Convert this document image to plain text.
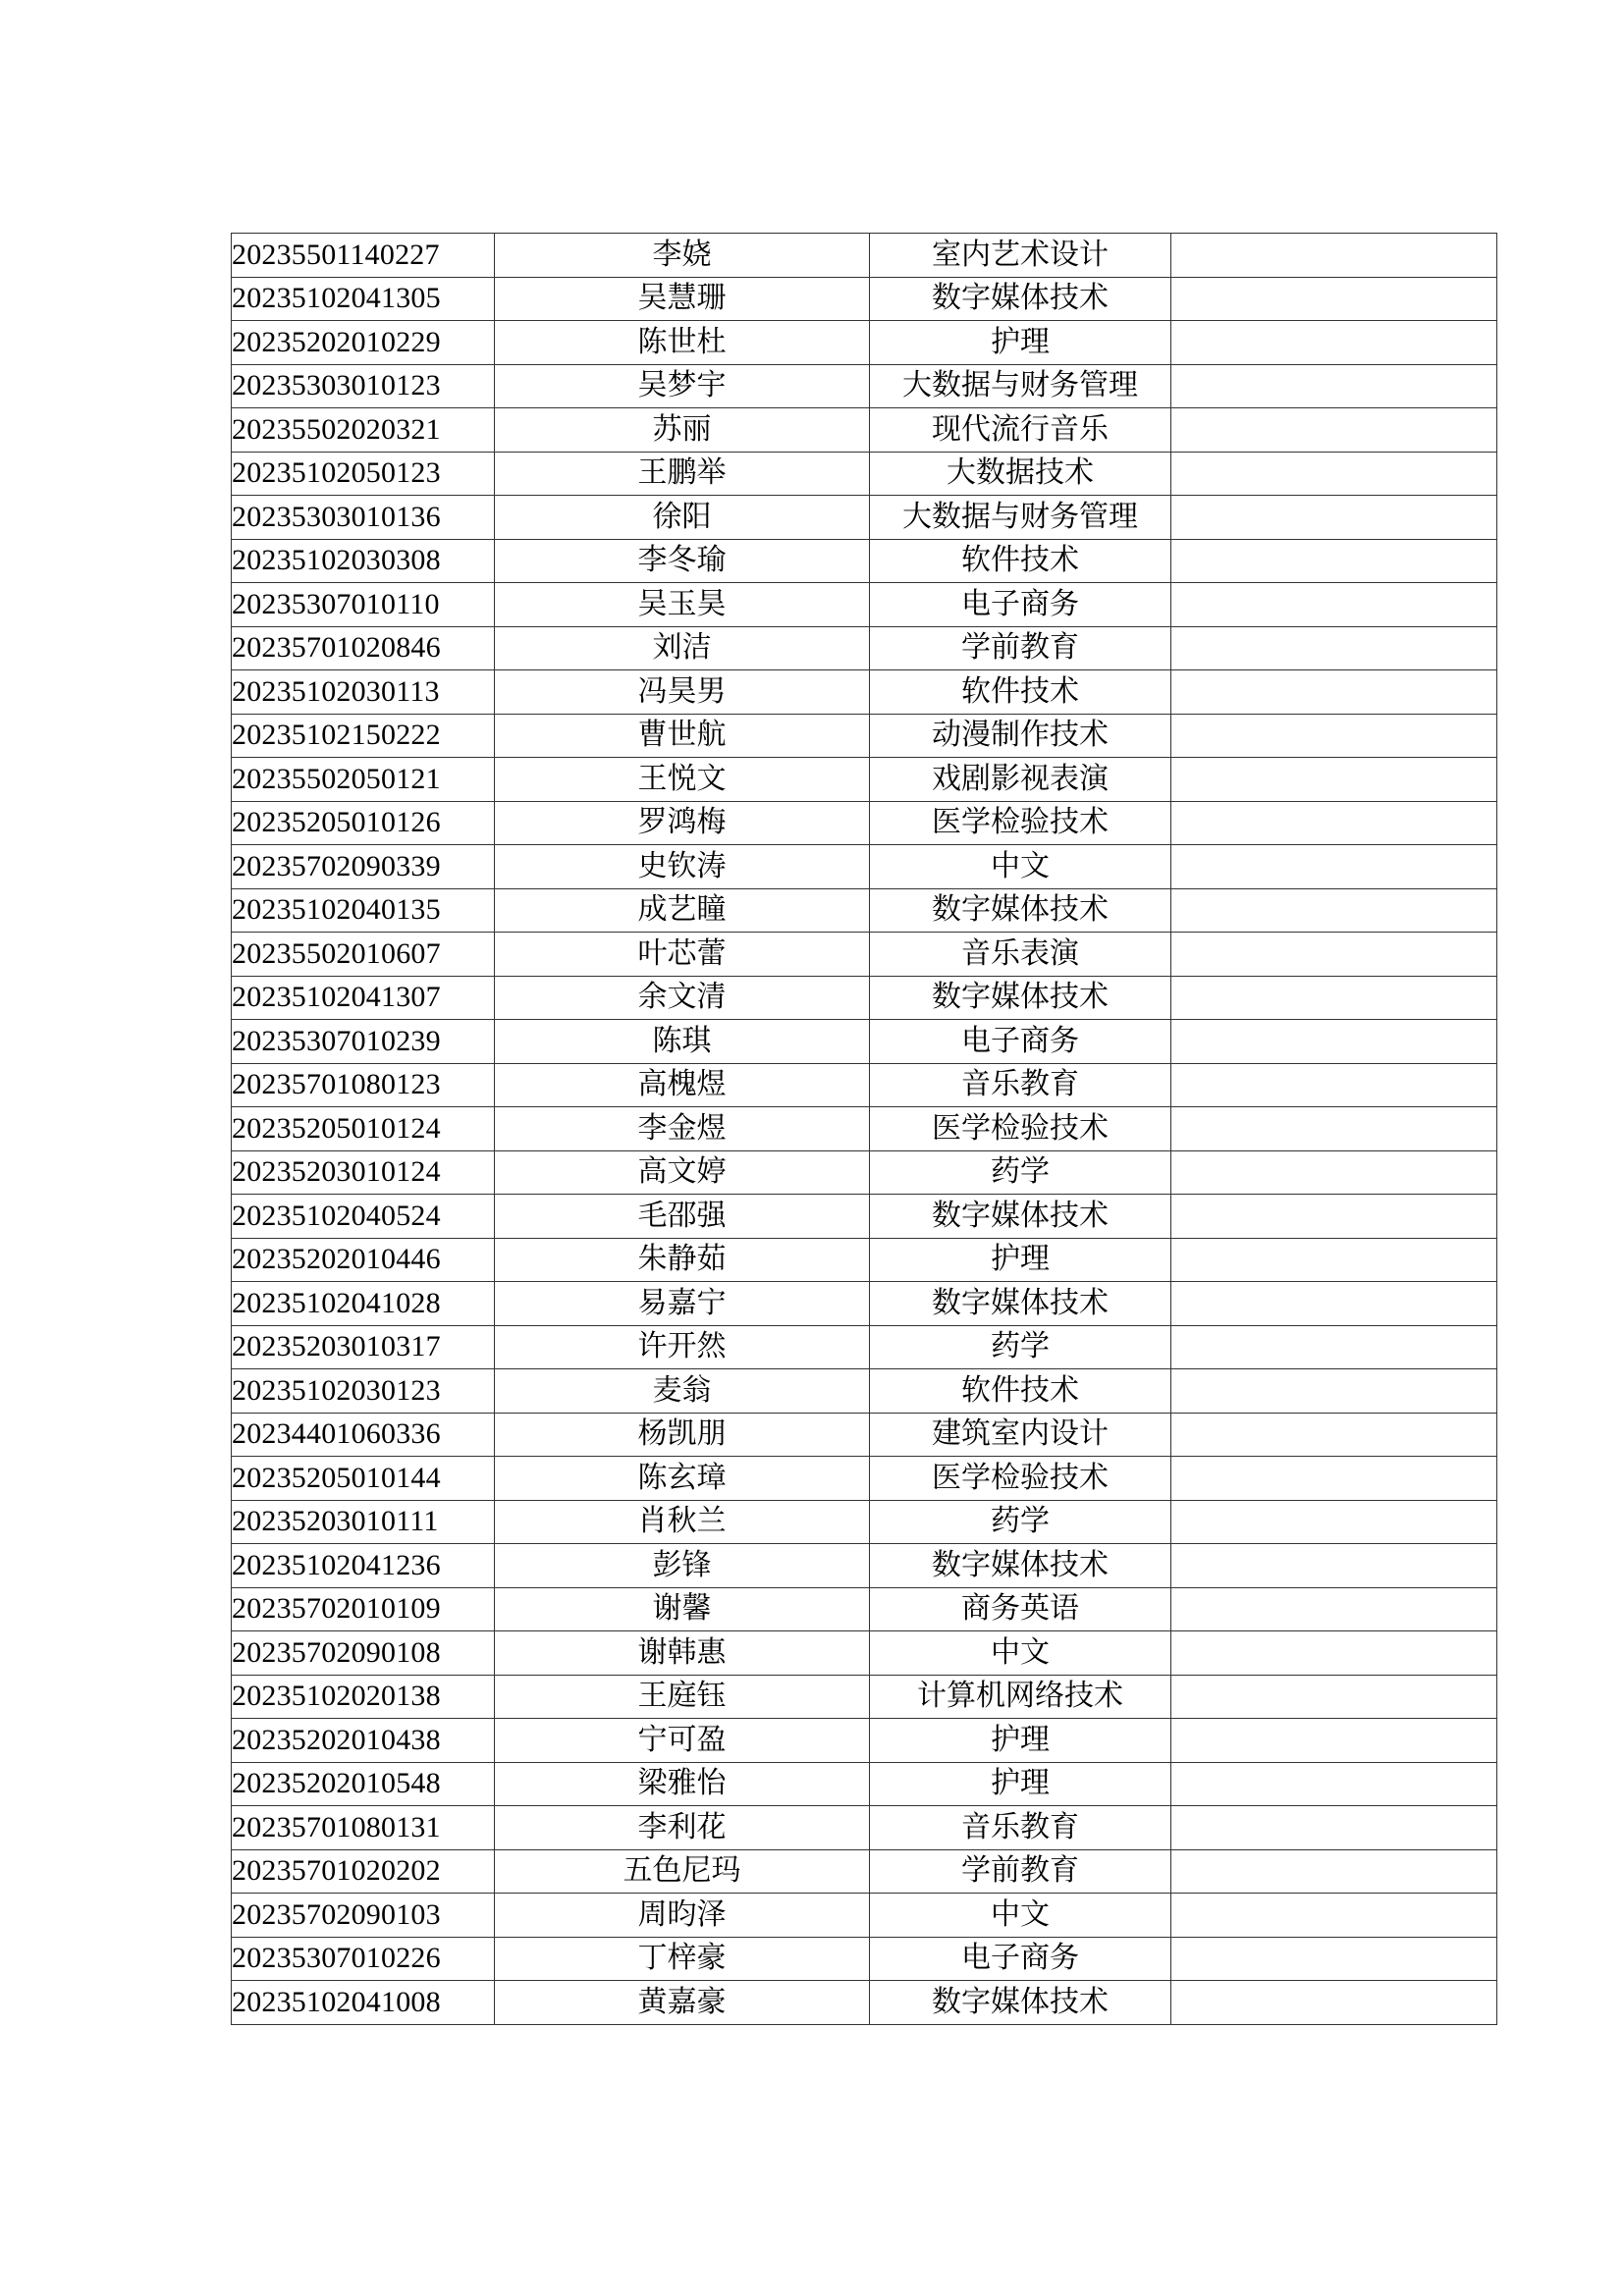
20235501140227	李娆	室内艺术设计	
20235102041305	吴慧珊	数字媒体技术	
20235202010229	陈世杜	护理	
20235303010123	吴梦宇	大数据与财务管理	
20235502020321	苏丽	现代流行音乐	
20235102050123	王鹏举	大数据技术	
20235303010136	徐阳	大数据与财务管理	
20235102030308	李冬瑜	软件技术	
20235307010110	吴玉昊	电子商务	
20235701020846	刘洁	学前教育	
20235102030113	冯昊男	软件技术	
20235102150222	曹世航	动漫制作技术	
20235502050121	王悦文	戏剧影视表演	
20235205010126	罗鸿梅	医学检验技术	
20235702090339	史钦涛	中文	
20235102040135	成艺瞳	数字媒体技术	
20235502010607	叶芯蕾	音乐表演	
20235102041307	余文清	数字媒体技术	
20235307010239	陈琪	电子商务	
20235701080123	高槐煜	音乐教育	
20235205010124	李金煜	医学检验技术	
20235203010124	高文婷	药学	
20235102040524	毛邵强	数字媒体技术	
20235202010446	朱静茹	护理	
20235102041028	易嘉宁	数字媒体技术	
20235203010317	许开然	药学	
20235102030123	麦翁	软件技术	
20234401060336	杨凯朋	建筑室内设计	
20235205010144	陈玄璋	医学检验技术	
20235203010111	肖秋兰	药学	
20235102041236	彭锋	数字媒体技术	
20235702010109	谢馨	商务英语	
20235702090108	谢韩惠	中文	
20235102020138	王庭钰	计算机网络技术	
20235202010438	宁可盈	护理	
20235202010548	梁雅怡	护理	
20235701080131	李利花	音乐教育	
20235701020202	五色尼玛	学前教育	
20235702090103	周昀泽	中文	
20235307010226	丁梓豪	电子商务	
20235102041008	黄嘉豪	数字媒体技术	
